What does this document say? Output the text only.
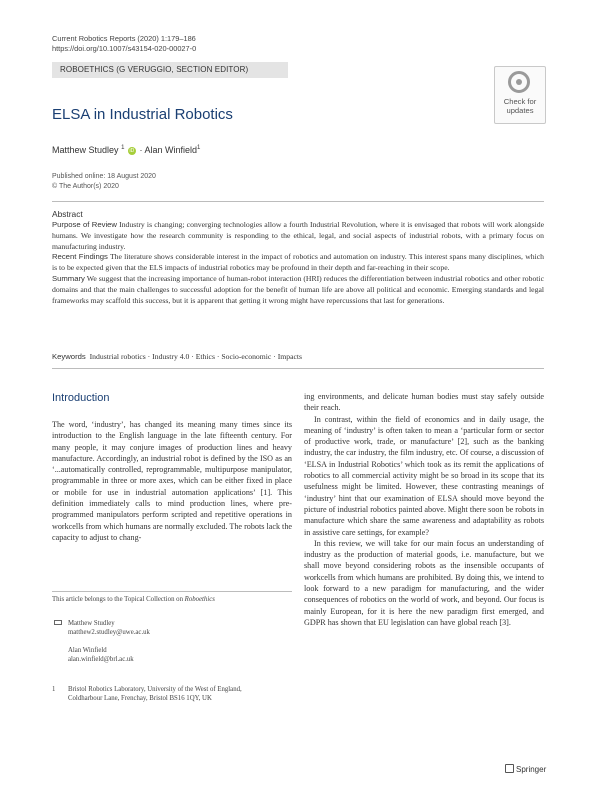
Current Robotics Reports (2020) 1:179–186
https://doi.org/10.1007/s43154-020-00027-0
ROBOETHICS (G VERUGGIO, SECTION EDITOR)
Check for
updates
ELSA in Industrial Robotics
Matthew Studley $^1$ iD · Alan Winfield$^1$
Published online: 18 August 2020
© The Author(s) 2020
Abstract

Purpose of Review Industry is changing; converging technologies allow a fourth Industrial Revolution, where it is envisaged that robots will work alongside humans. We investigate how the research community is responding to the ethical, legal, and social aspects of industrial robots, with a primary focus on manufacturing industry.

Recent Findings The literature shows considerable interest in the impact of robotics and automation on industry. This interest spans many disciplines, which is to be expected given that the ELS impacts of industrial robotics may be profound in their depth and far-reaching in their scope.

Summary We suggest that the increasing importance of human-robot interaction (HRI) reduces the differentiation between industrial robotics and other robotic domains and that the main challenges to successful adoption for the benefit of human life are above all political and economic. Emerging standards and legal frameworks may scaffold this success, but it is apparent that getting it wrong might have repercussions that last for generations.

Keywords Industrial robotics · Industry 4.0 · Ethics · Socio-economic · Impacts
Introduction

The word, ‘industry’, has changed its meaning many times since its introduction to the English language in the late fifteenth century. For many people, it may conjure images of production lines and heavy manufacture. Accordingly, an industrial robot is defined by the ISO as an ‘...automatically controlled, reprogrammable, multipurpose manipulator, programmable in three or more axes, which can be either fixed in place or mobile for use in industrial automation applications’ [1]. This definition immediately calls to mind production lines, where pre-programmed manipulators perform scripted and repetitive operations in workcells from which humans are normally excluded. The robots lack the capacity to adjust to chang-

ing environments, and delicate human bodies must stay safely outside their reach.

In contrast, within the field of economics and in daily usage, the meaning of ‘industry’ is often taken to mean a ‘particular form or sector of productive work, trade, or manufacture’ [2], such as the banking industry, the car industry, the film industry, etc. Of course, a discussion of ‘ELSA in Industrial Robotics’ which took as its remit the applications of robotics to all commercial activity might be so broad in its scope that its usefulness might be limited. However, these contrasting meanings of ‘industry’ hint that our examination of ELSA should move beyond the picture of industrial robotics painted above. Might there soon be robots in manufacture which share the same awareness and adaptability as robots in assistive care settings, for example?

In this review, we will take for our main focus an understanding of industry as the production of material goods, i.e. manufacture, but we shall move beyond considering robots as the insensible occupants of workcells from which humans are prohibited. By doing this, we intend to look forward to a new paradigm for manufacturing, and the wider consequences of robotics on the world of work, and beyond. Our focus is mainly European, for it is here the new paradigm first emerged, and GDPR has shown that EU legislation can have global reach [3].

This article belongs to the Topical Collection on Roboethics
Matthew Studley
matthew2.studley@uwe.ac.uk
Alan Winfield
alan.winfield@brl.ac.uk
1 Bristol Robotics Laboratory, University of the West of England,
Coldharbour Lane, Frenchay, Bristol BS16 1QY, UK
Springer
